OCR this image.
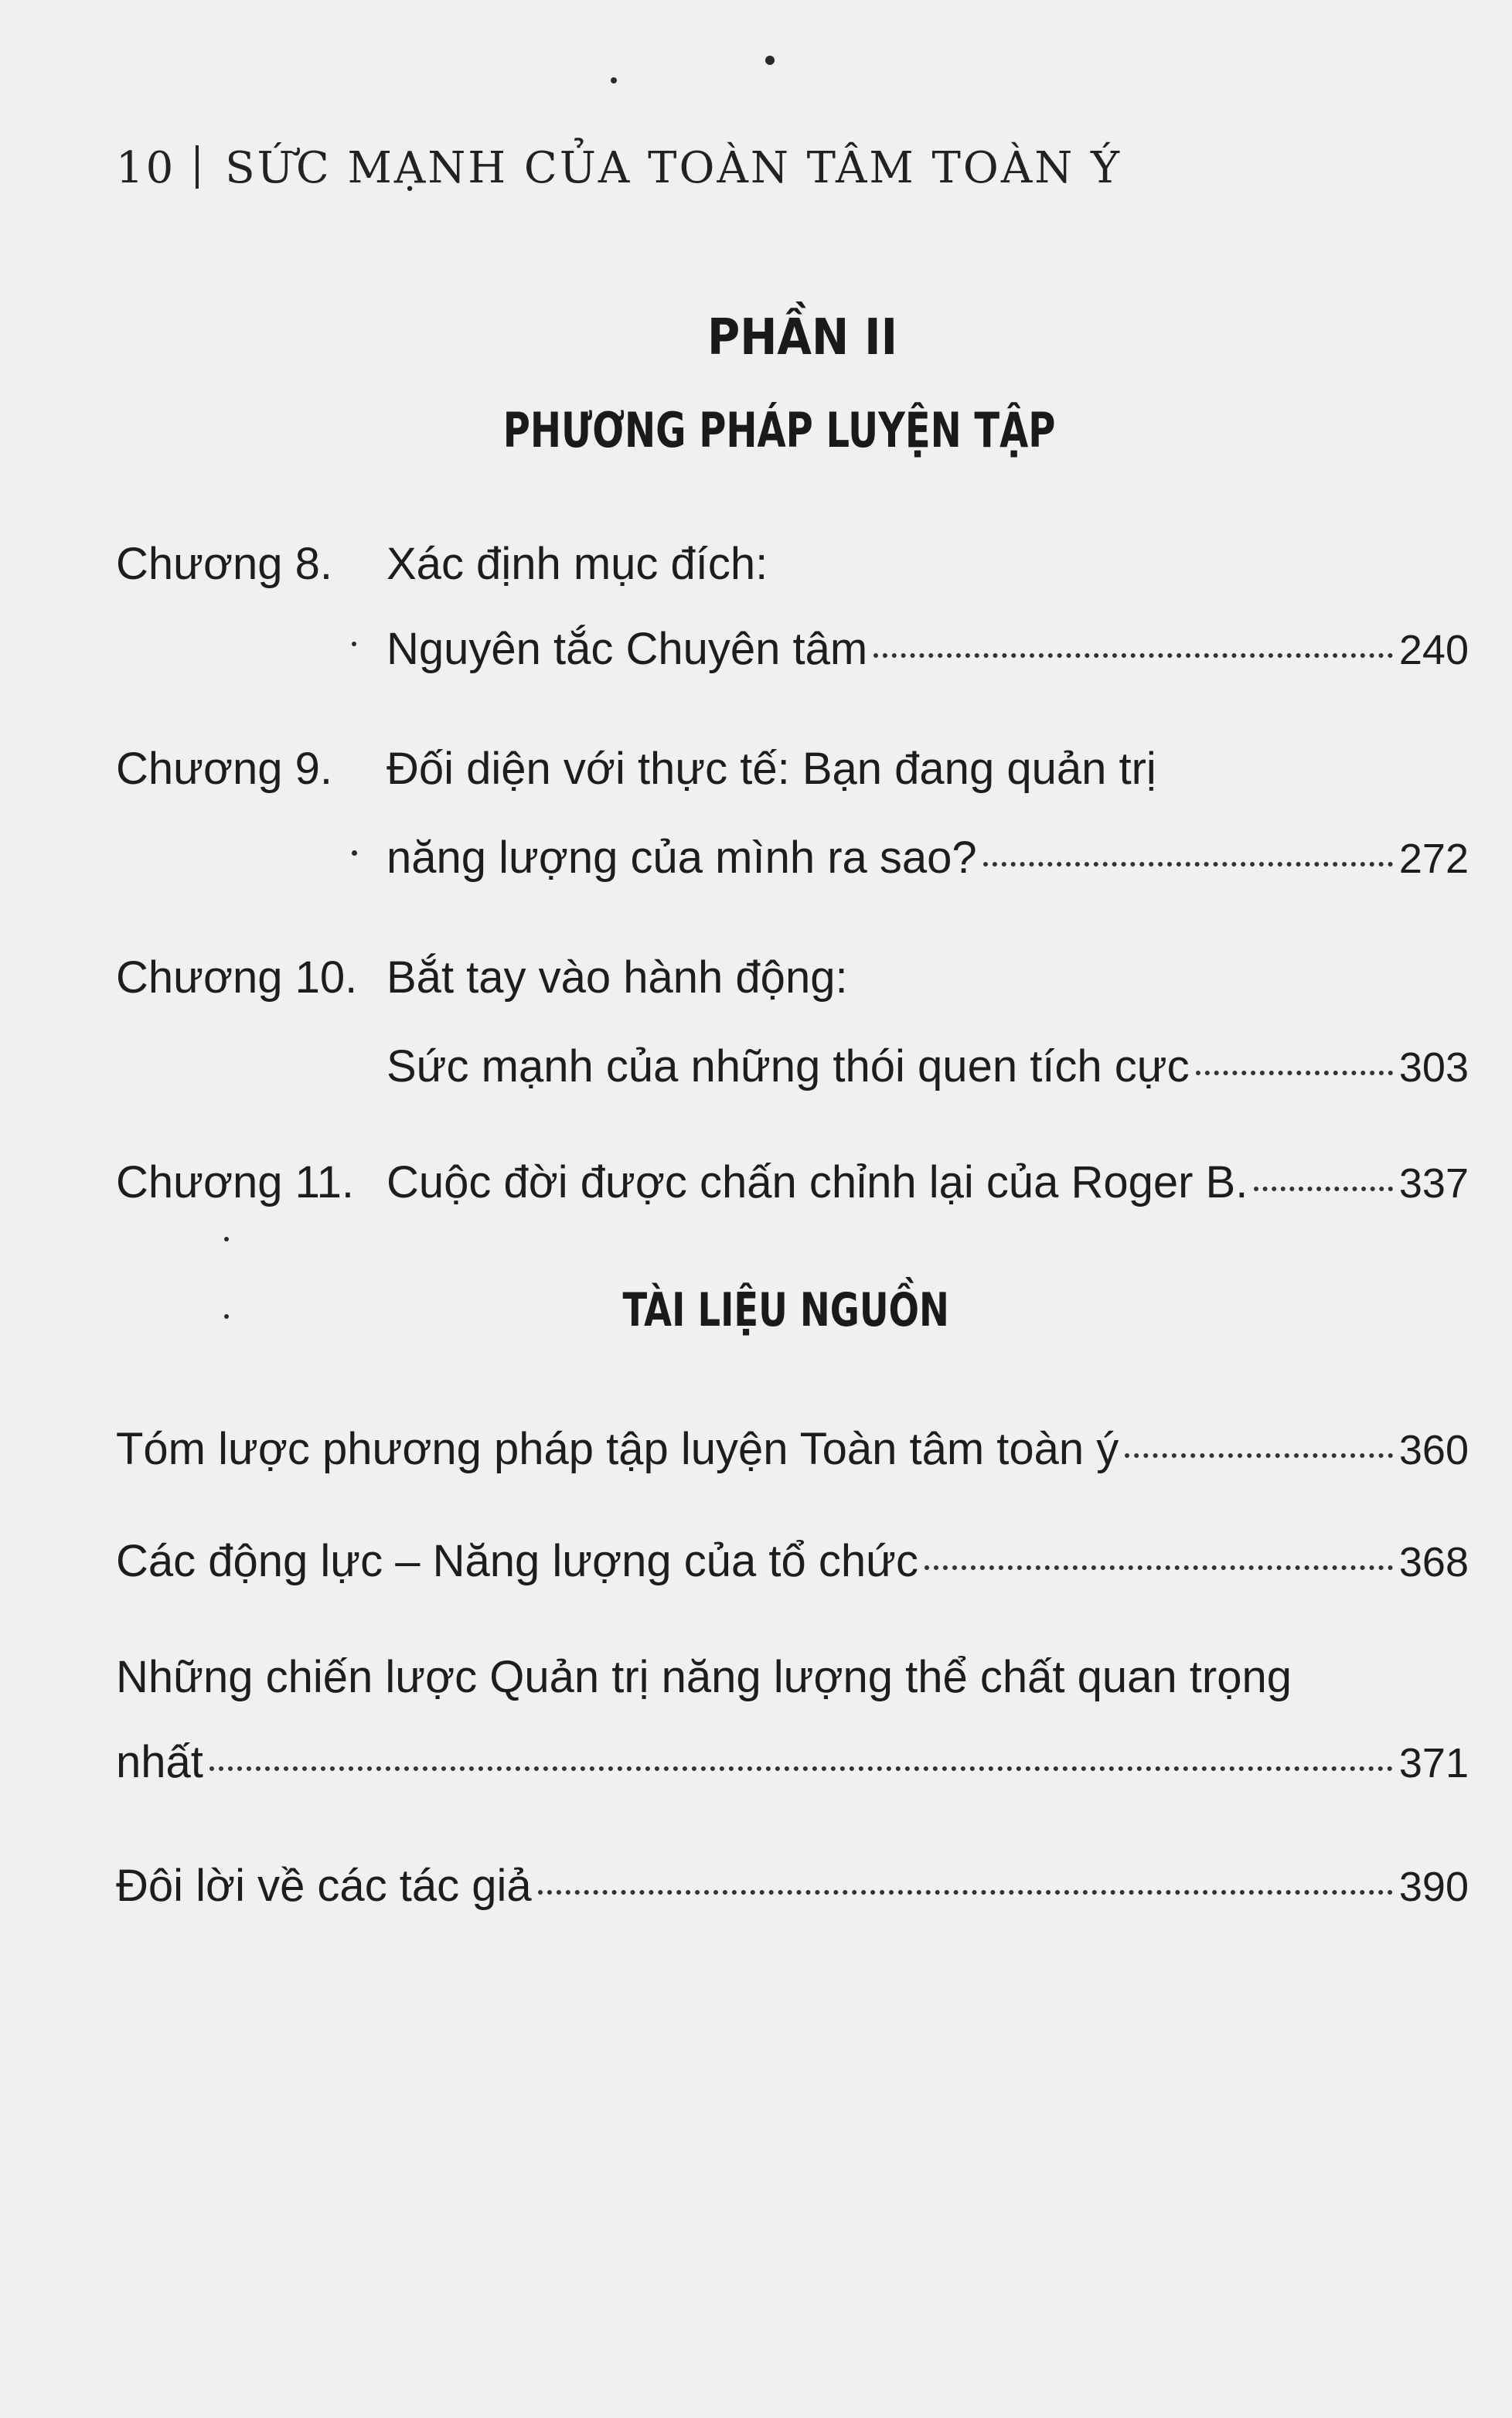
10 SỨC MẠNH CỦA TOÀN TÂM TOÀN Ý
PHẦN II
PHƯƠNG PHÁP LUYỆN TẬP
Chương 8.	Xác định mục đích:
Nguyên tắc Chuyên tâm	240
Chương 9.	Đối diện với thực tế: Bạn đang quản trị
năng lượng của mình ra sao?	272
Chương 10. Bắt tay vào hành động:
Sức mạnh của những thói quen tích cực	303
Chương 11. Cuộc đời được chấn chỉnh lại của Roger B.	337
TÀI LIỆU NGUỒN
Tóm lược phương pháp tập luyện Toàn tâm toàn ý	360
Các động lực – Năng lượng của tổ chức	368
Những chiến lược Quản trị năng lượng thể chất quan trọng
nhất	371
Đôi lời về các tác giả	390
